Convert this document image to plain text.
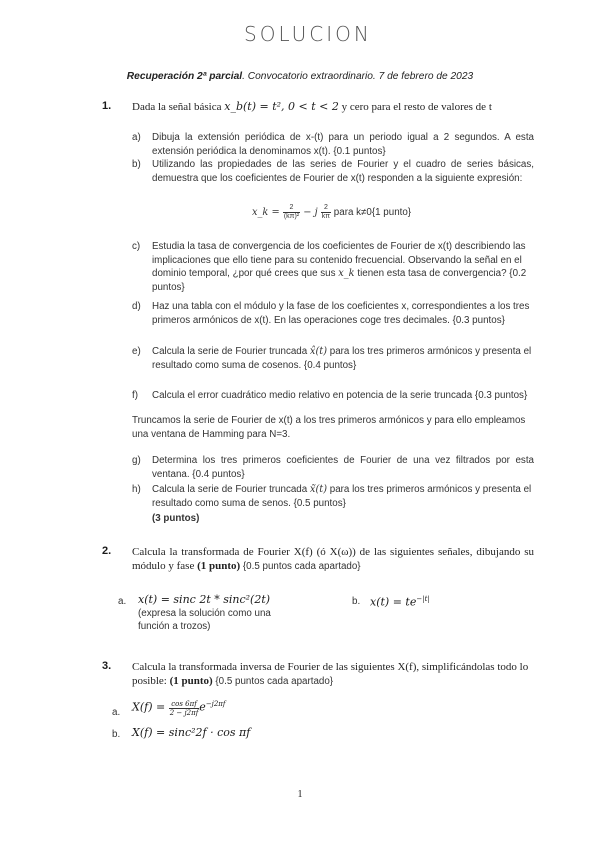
SOLUCION
Recuperación 2ª parcial. Convocatorio extraordinario. 7 de febrero de 2023
1. Dada la señal básica x_b(t) = t², 0 < t < 2 y cero para el resto de valores de t
a) Dibuja la extensión periódica de x-(t) para un periodo igual a 2 segundos. A esta extensión periódica la denominamos x(t). {0.1 puntos}
b) Utilizando las propiedades de las series de Fourier y el cuadro de series básicas, demuestra que los coeficientes de Fourier de x(t) responden a la siguiente expresión:
x_k = $\frac{2}{\text{(kπ)²}} - j \frac{2}{k\pi}$ para k≠0{1 punto}
c) Estudia la tasa de convergencia de los coeficientes de Fourier de x(t) describiendo las implicaciones que ello tiene para su contenido frecuencial. Observando la señal en el dominio temporal, ¿por qué crees que sus x_k tienen esta tasa de convergencia? {0.2 puntos}
d) Haz una tabla con el módulo y la fase de los coeficientes x, correspondientes a los tres primeros armónicos de x(t). En las operaciones coge tres decimales. {0.3 puntos}
e) Calcula la serie de Fourier truncada x̂(t) para los tres primeros armónicos y presenta el resultado como suma de cosenos. {0.4 puntos}
f) Calcula el error cuadrático medio relativo en potencia de la serie truncada {0.3 puntos}
Truncamos la serie de Fourier de x(t) a los tres primeros armónicos y para ello empleamos una ventana de Hamming para N=3.
g) Determina los tres primeros coeficientes de Fourier de una vez filtrados por esta ventana. {0.4 puntos}
h) Calcula la serie de Fourier truncada x̃(t) para los tres primeros armónicos y presenta el resultado como suma de senos. {0.5 puntos}
(3 puntos)
2. Calcula la transformada de Fourier X(f) (ó X(ω)) de las siguientes señales, dibujando su módulo y fase (1 punto) {0.5 puntos cada apartado}
a. x(t) = sinc 2t * sinc²(2t)
(expresa la solución como una
función a trozos)
b. $x(t) = te^{-|t|}$
3. Calcula la transformada inversa de Fourier de las siguientes X(f), simplificándolas todo lo posible: (1 punto) {0.5 puntos cada apartado}
a. $X(f) = \frac{\cos 6\pi f}{2 - j2\pi f} e^{-j2\pi f}$
b. X(f) = sinc²2f · cos πf
1
